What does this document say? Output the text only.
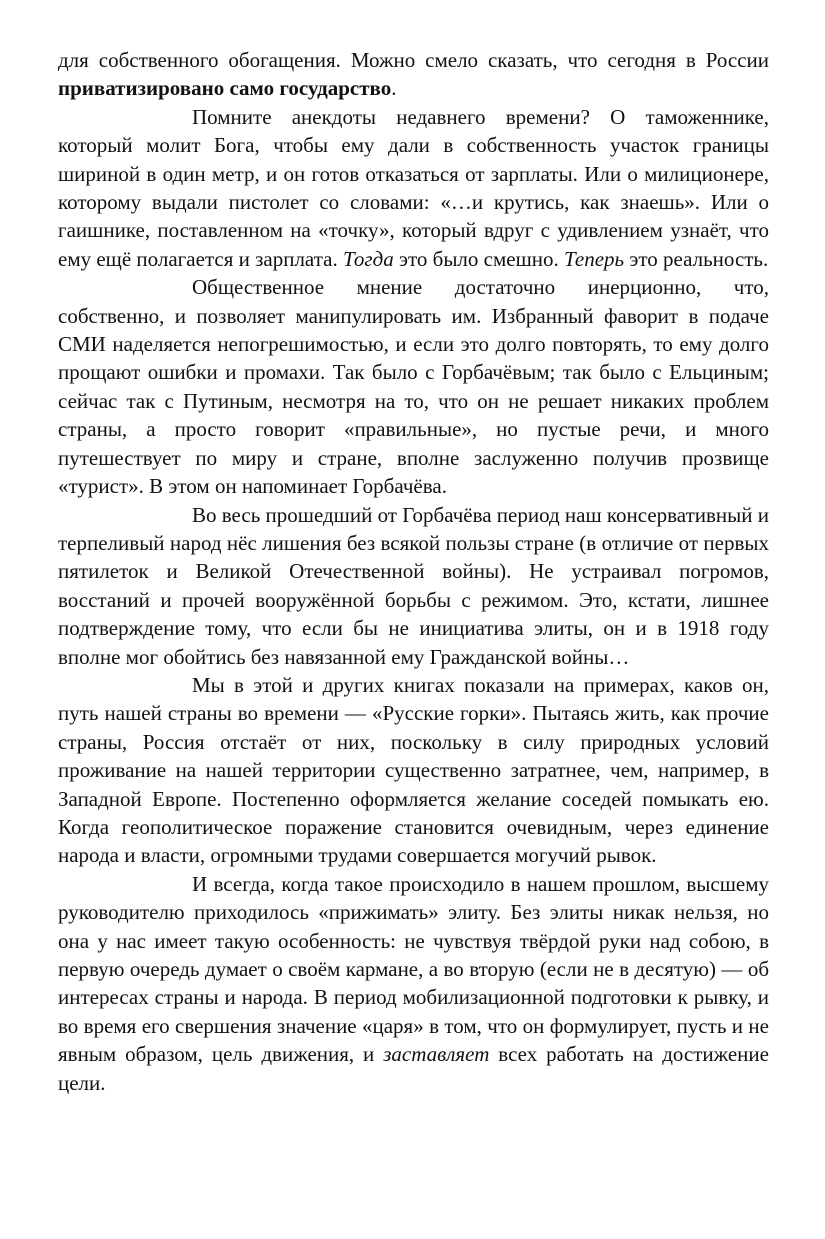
для собственного обогащения. Можно смело сказать, что сегодня в России приватизировано само государство.

Помните анекдоты недавнего времени? О таможеннике, который молит Бога, чтобы ему дали в собственность участок границы шириной в один метр, и он готов отказаться от зарплаты. Или о милиционере, которому выдали пистолет со словами: «…и крутись, как знаешь». Или о гаишнике, поставленном на «точку», который вдруг с удивлением узнаёт, что ему ещё полагается и зарплата. Тогда это было смешно. Теперь это реальность.

Общественное мнение достаточно инерционно, что, собственно, и позволяет манипулировать им. Избранный фаворит в подаче СМИ наделяется непогрешимостью, и если это долго повторять, то ему долго прощают ошибки и промахи. Так было с Горбачёвым; так было с Ельциным; сейчас так с Путиным, несмотря на то, что он не решает никаких проблем страны, а просто говорит «правильные», но пустые речи, и много путешествует по миру и стране, вполне заслуженно получив прозвище «турист». В этом он напоминает Горбачёва.

Во весь прошедший от Горбачёва период наш консервативный и терпеливый народ нёс лишения без всякой пользы стране (в отличие от первых пятилеток и Великой Отечественной войны). Не устраивал погромов, восстаний и прочей вооружённой борьбы с режимом. Это, кстати, лишнее подтверждение тому, что если бы не инициатива элиты, он и в 1918 году вполне мог обойтись без навязанной ему Гражданской войны…

Мы в этой и других книгах показали на примерах, каков он, путь нашей страны во времени — «Русские горки». Пытаясь жить, как прочие страны, Россия отстаёт от них, поскольку в силу природных условий проживание на нашей территории существенно затратнее, чем, например, в Западной Европе. Постепенно оформляется желание соседей помыкать ею. Когда геополитическое поражение становится очевидным, через единение народа и власти, огромными трудами совершается могучий рывок.

И всегда, когда такое происходило в нашем прошлом, высшему руководителю приходилось «прижимать» элиту. Без элиты никак нельзя, но она у нас имеет такую особенность: не чувствуя твёрдой руки над собою, в первую очередь думает о своём кармане, а во вторую (если не в десятую) — об интересах страны и народа. В период мобилизационной подготовки к рывку, и во время его свершения значение «царя» в том, что он формулирует, пусть и не явным образом, цель движения, и заставляет всех работать на достижение цели.
